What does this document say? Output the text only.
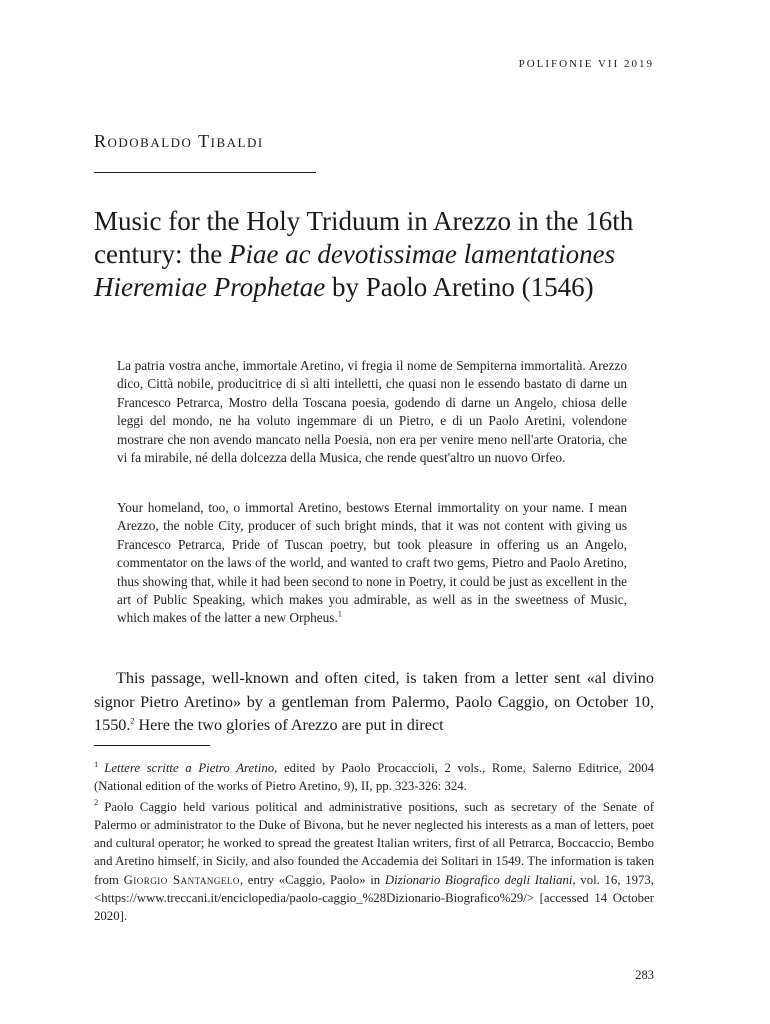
POLIFONIE VII 2019
Rodobaldo Tibaldi
Music for the Holy Triduum in Arezzo in the 16th century: the Piae ac devotissimae lamentationes Hieremiae Prophetae by Paolo Aretino (1546)
La patria vostra anche, immortale Aretino, vi fregia il nome de Sempiterna immortalità. Arezzo dico, Città nobile, producitrice di sì alti intelletti, che quasi non le essendo bastato di darne un Francesco Petrarca, Mostro della Toscana poesia, godendo di darne un Angelo, chiosa delle leggi del mondo, ne ha voluto ingemmare di un Pietro, e di un Paolo Aretini, volendone mostrare che non avendo mancato nella Poesia, non era per venire meno nell'arte Oratoria, che vi fa mirabile, né della dolcezza della Musica, che rende quest'altro un nuovo Orfeo.
Your homeland, too, o immortal Aretino, bestows Eternal immortality on your name. I mean Arezzo, the noble City, producer of such bright minds, that it was not content with giving us Francesco Petrarca, Pride of Tuscan poetry, but took pleasure in offering us an Angelo, commentator on the laws of the world, and wanted to craft two gems, Pietro and Paolo Aretino, thus showing that, while it had been second to none in Poetry, it could be just as excellent in the art of Public Speaking, which makes you admirable, as well as in the sweetness of Music, which makes of the latter a new Orpheus.$^1$
This passage, well-known and often cited, is taken from a letter sent «al divino signor Pietro Aretino» by a gentleman from Palermo, Paolo Caggio, on October 10, 1550.$^2$ Here the two glories of Arezzo are put in direct

$^1$ Lettere scritte a Pietro Aretino, edited by Paolo Procaccioli, 2 vols., Rome, Salerno Editrice, 2004 (National edition of the works of Pietro Aretino, 9), II, pp. 323-326: 324.

$^2$ Paolo Caggio held various political and administrative positions, such as secretary of the Senate of Palermo or administrator to the Duke of Bivona, but he never neglected his interests as a man of letters, poet and cultural operator; he worked to spread the greatest Italian writers, first of all Petrarca, Boccaccio, Bembo and Aretino himself, in Sicily, and also founded the Accademia dei Solitari in 1549. The information is taken from Giorgio Santangelo, entry «Caggio, Paolo» in Dizionario Biografico degli Italiani, vol. 16, 1973, <https://www.treccani.it/enciclopedia/paolo-caggio_%28Dizionario-Biografico%29/> [accessed 14 October 2020].

283
